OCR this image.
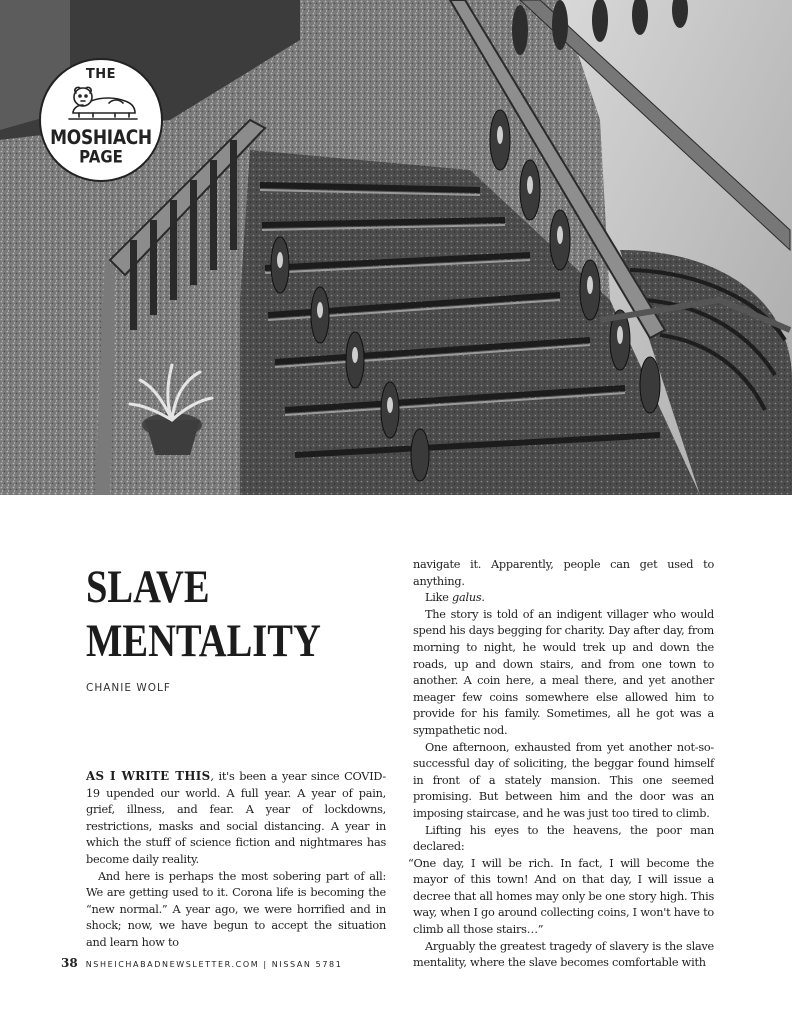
THE
MOSHIACH
PAGE
SLAVE
MENTALITY
CHANIE WOLF

AS I WRITE THIS, it's been a year since COVID-19 upended our world. A full year. A year of pain, grief, illness, and fear. A year of lockdowns, restrictions, masks and social distancing. A year in which the stuff of science fiction and nightmares has become daily reality.

And here is perhaps the most sobering part of all: We are getting used to it. Corona life is becoming the “new normal.” A year ago, we were horrified and in shock; now, we have begun to accept the situation and learn how to

navigate it. Apparently, people can get used to anything.

Like galus.

The story is told of an indigent villager who would spend his days begging for charity. Day after day, from morning to night, he would trek up and down the roads, up and down stairs, and from one town to another. A coin here, a meal there, and yet another meager few coins somewhere else allowed him to provide for his family. Sometimes, all he got was a sympathetic nod.

One afternoon, exhausted from yet another not-so-successful day of soliciting, the beggar found himself in front of a stately mansion. This one seemed promising. But between him and the door was an imposing staircase, and he was just too tired to climb.

Lifting his eyes to the heavens, the poor man declared:

“One day, I will be rich. In fact, I will become the mayor of this town! And on that day, I will issue a decree that all homes may only be one story high. This way, when I go around collecting coins, I won't have to climb all those stairs…”

Arguably the greatest tragedy of slavery is the slave mentality, where the slave becomes comfortable with

38 NSHEICHABADNEWSLETTER.COM | NISSAN 5781
